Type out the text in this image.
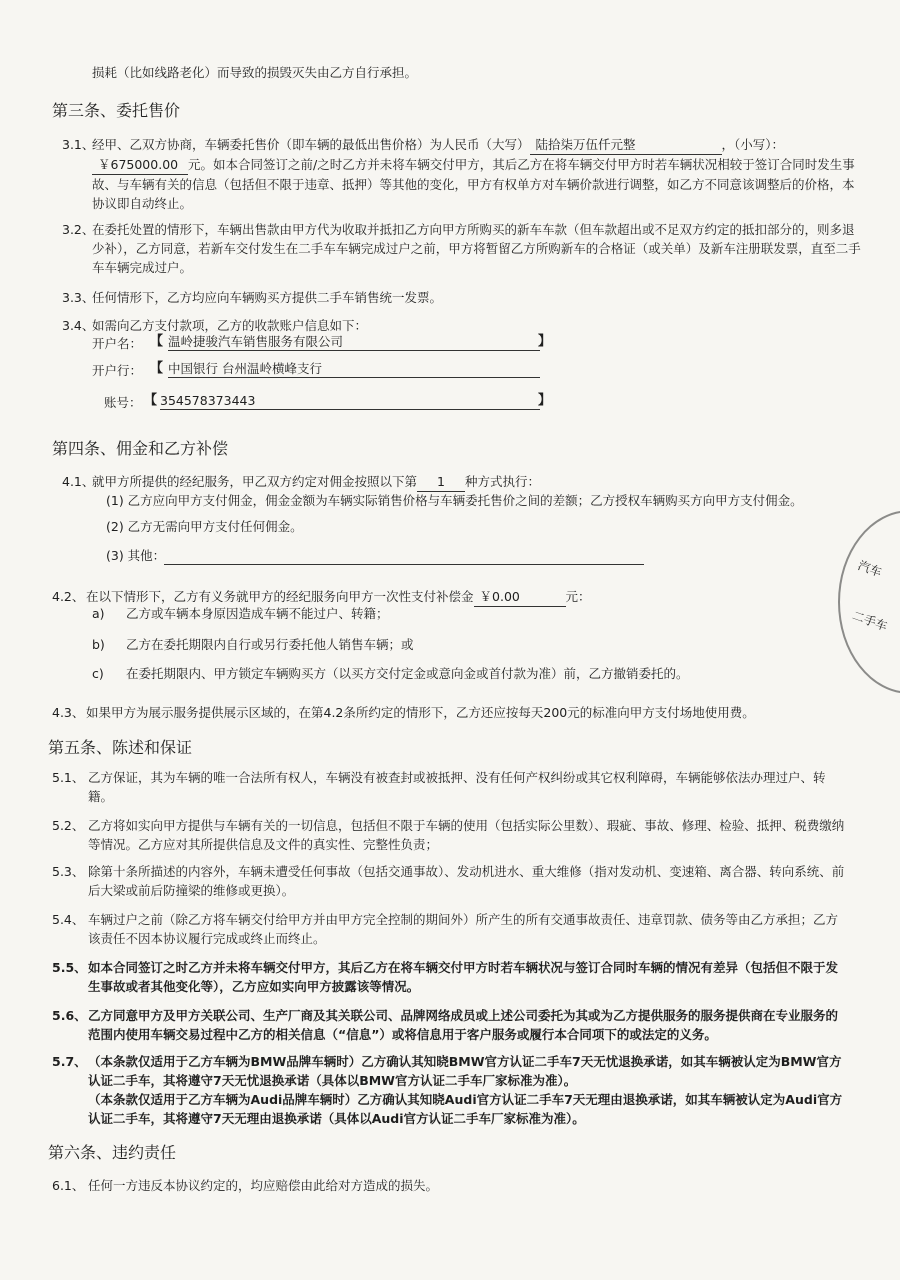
损耗（比如线路老化）而导致的损毁灭失由乙方自行承担。
第三条、委托售价
3.1、
经甲、乙双方协商，车辆委托售价（即车辆的最低出售价格）为人民币（大写） 陆拾柒万伍仟元整	，（小写）：
￥675000.00 元。如本合同签订之前/之时乙方并未将车辆交付甲方，其后乙方在将车辆交付甲方时若车辆状况相较于签订合同时发生事故、与车辆有关的信息（包括但不限于违章、抵押）等其他的变化，甲方有权单方对车辆价款进行调整，如乙方不同意该调整后的价格，本协议即自动终止。
3.2、
在委托处置的情形下，车辆出售款由甲方代为收取并抵扣乙方向甲方所购买的新车车款（但车款超出或不足双方约定的抵扣部分的，则多退少补），乙方同意，若新车交付发生在二手车车辆完成过户之前，甲方将暂留乙方所购新车的合格证（或关单）及新车注册联发票，直至二手车车辆完成过户。
3.3、
任何情形下，乙方均应向车辆购买方提供二手车销售统一发票。
3.4、
如需向乙方支付款项，乙方的收款账户信息如下：
开户名： 【 温岭捷骏汽车销售服务有限公司	】
开户行： 【 中国银行 台州温岭横峰支行
账号： 【 354578373443	】
第四条、佣金和乙方补偿
4.1、
就甲方所提供的经纪服务，甲乙双方约定对佣金按照以下第 1 种方式执行：
(1) 乙方应向甲方支付佣金，佣金金额为车辆实际销售价格与车辆委托售价之间的差额；乙方授权车辆购买方向甲方支付佣金。
(2) 乙方无需向甲方支付任何佣金。
(3) 其他：
4.2、 在以下情形下，乙方有义务就甲方的经纪服务向甲方一次性支付补偿金 ￥0.00	元：
a) 乙方或车辆本身原因造成车辆不能过户、转籍；
b) 乙方在委托期限内自行或另行委托他人销售车辆；或
c) 在委托期限内、甲方锁定车辆购买方（以买方交付定金或意向金或首付款为准）前，乙方撤销委托的。
4.3、 如果甲方为展示服务提供展示区域的，在第4.2条所约定的情形下，乙方还应按每天200元的标准向甲方支付场地使用费。
第五条、陈述和保证
5.1、 乙方保证，其为车辆的唯一合法所有权人，车辆没有被查封或被抵押、没有任何产权纠纷或其它权利障碍，车辆能够依法办理过户、转籍。
5.2、 乙方将如实向甲方提供与车辆有关的一切信息，包括但不限于车辆的使用（包括实际公里数）、瑕疵、事故、修理、检验、抵押、税费缴纳等情况。乙方应对其所提供信息及文件的真实性、完整性负责；
5.3、 除第十条所描述的内容外，车辆未遭受任何事故（包括交通事故）、发动机进水、重大维修（指对发动机、变速箱、离合器、转向系统、前后大梁或前后防撞梁的维修或更换）。
5.4、 车辆过户之前（除乙方将车辆交付给甲方并由甲方完全控制的期间外）所产生的所有交通事故责任、违章罚款、债务等由乙方承担；乙方该责任不因本协议履行完成或终止而终止。
5.5、 如本合同签订之时乙方并未将车辆交付甲方，其后乙方在将车辆交付甲方时若车辆状况与签订合同时车辆的情况有差异（包括但不限于发生事故或者其他变化等），乙方应如实向甲方披露该等情况。
5.6、 乙方同意甲方及甲方关联公司、生产厂商及其关联公司、品牌网络成员或上述公司委托为其或为乙方提供服务的服务提供商在专业服务的范围内使用车辆交易过程中乙方的相关信息（“信息”）或将信息用于客户服务或履行本合同项下的或法定的义务。
5.7、 （本条款仅适用于乙方车辆为BMW品牌车辆时）乙方确认其知晓BMW官方认证二手车7天无忧退换承诺，如其车辆被认定为BMW官方认证二手车，其将遵守7天无忧退换承诺（具体以BMW官方认证二手车厂家标准为准）。
（本条款仅适用于乙方车辆为Audi品牌车辆时）乙方确认其知晓Audi官方认证二手车7天无理由退换承诺，如其车辆被认定为Audi官方认证二手车，其将遵守7天无理由退换承诺（具体以Audi官方认证二手车厂家标准为准）。
第六条、违约责任
6.1、 任何一方违反本协议约定的，均应赔偿由此给对方造成的损失。
汽车
二手车
